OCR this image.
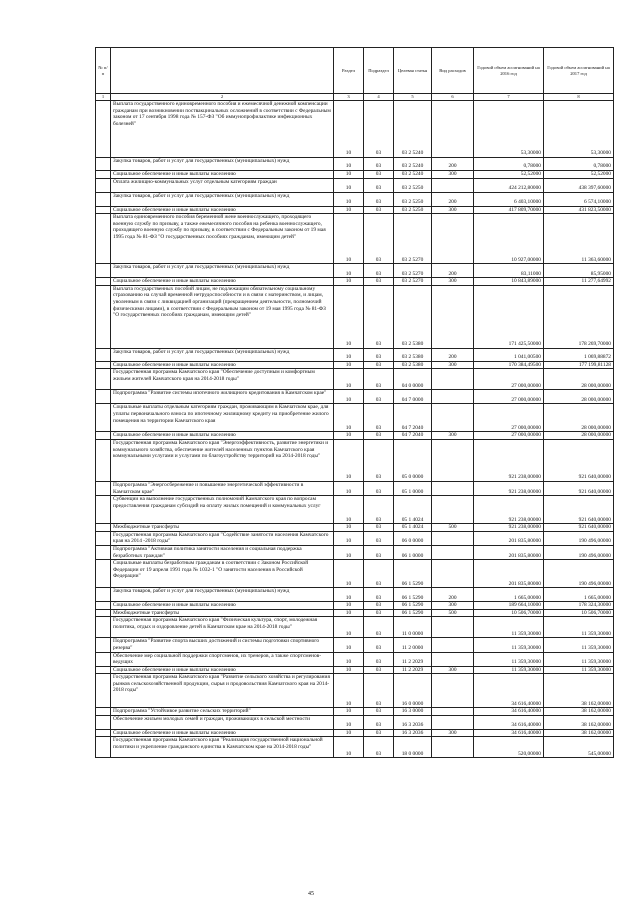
№ п/п		Раздел	Подраздел	Целевая статья	Вид расходов	Годовой объем ассигнований на 2016 год	Годовой объем ассигнований на 2017 год
1	2	3	4	5	6	7	8
	Выплата государственного единовременного пособия и ежемесячной денежной компенсации гражданам при возникновении поствакцинальных осложнений в соответствии с Федеральным законом от 17 сентября 1998 года № 157-ФЗ "Об иммунопрофилактике инфекционных болезней"	10	03	03 2 5240		53,30000	53,30000
	Закупка товаров, работ и услуг для государственных (муниципальных) нужд	10	03	03 2 5240	200	0,78000	0,78000
	Социальное обеспечение и иные выплаты населению	10	03	03 2 5240	300	52,52000	52,52000
	Оплата жилищно-коммунальных услуг отдельным категориям граждан	10	03	03 2 5250		424 212,80000	438 397,60000
	Закупка товаров, работ и услуг для государственных (муниципальных) нужд	10	03	03 2 5250	200	6 403,10000	6 574,10000
	Социальное обеспечение и иные выплаты населению	10	03	03 2 5250	300	417 809,70000	431 823,50000
	Выплата единовременного пособия беременной жене военнослужащего, проходящего военную службу по призыву, а также ежемесячного пособия на ребенка военнослужащего, проходящего военную службу по призыву, в соответствии с Федеральным законом от 19 мая 1995 года № 81-ФЗ "О государственных пособиях гражданам, имеющим детей"	10	03	03 2 5270		10 927,00000	11 363,60000
	Закупка товаров, работ и услуг для государственных (муниципальных) нужд	10	03	03 2 5270	200	83,11000	85,95000
	Социальное обеспечение и иные выплаты населению	10	03	03 2 5270	300	10 843,89000	11 277,64992
	Выплата государственных пособий лицам, не подлежащим обязательному социальному страхованию на случай временной нетрудоспособности и в связи с материнством, и лицам, уволенным в связи с ликвидацией организаций (прекращением деятельности, полномочий физическими лицами), в соответствии с Федеральным законом от 19 мая 1995 года № 81-ФЗ "О государственных пособиях гражданам, имеющим детей"	10	03	03 2 5380		171 425,50000	178 269,70000
	Закупка товаров, работ и услуг для государственных (муниципальных) нужд	10	03	03 2 5380	200	1 041,00500	1 069,88872
	Социальное обеспечение и иные выплаты населению	10	03	03 2 5380	300	170 384,49500	177 199,81128
	Государственная программа Камчатского края "Обеспечение доступным и комфортным жильем жителей Камчатского края на 2014-2018 годы"	10	03	04 0 0000		27 000,00000	28 000,00000
	Подпрограмма "Развитие системы ипотечного жилищного кредитования в Камчатском крае"	10	03	04 7 0000		27 000,00000	28 000,00000
	Социальные выплаты отдельным категориям граждан, проживающим в Камчатском крае, для уплаты первоначального взноса по ипотечному жилищному кредиту на приобретение жилого помещения на территории Камчатского края	10	03	04 7 2040		27 000,00000	28 000,00000
	Социальное обеспечение и иные выплаты населению	10	03	04 7 2040	300	27 000,00000	28 000,00000
	Государственная программа Камчатского края "Энергоэффективность, развитие энергетики и коммунального хозяйства, обеспечение жителей населенных пунктов Камчатского края коммунальными услугами и услугами по благоустройству территорий на 2014-2018 годы"	10	03	05 0 0000		921 238,00000	921 640,00000
	Подпрограмма "Энергосбережение и повышение энергетической эффективности в Камчатском крае"	10	03	05 1 0000		921 238,00000	921 640,00000
	Субвенции на выполнение государственных полномочий Камчатского края по вопросам предоставления гражданам субсидий на оплату жилых помещений и коммунальных услуг	10	03	05 1 4024		921 238,00000	921 640,00000
	Межбюджетные трансферты	10	03	05 1 4024	500	921 238,00000	921 640,00000
	Государственная программа Камчатского края "Содействие занятости населения Камчатского края на 2014 -2018 годы"	10	03	06 0 0000		201 835,80000	190 496,00000
	Подпрограмма "Активная политика занятости населения и социальная поддержка безработных граждан"	10	03	06 1 0000		201 835,80000	190 496,00000
	Социальные выплаты безработным гражданам в соответствии с Законом Российской Федерации от 19 апреля 1991 года № 1032-1 "О занятости населения в Российской Федерации"	10	03	06 1 5290		201 835,80000	190 496,00000
	Закупка товаров, работ и услуг для государственных (муниципальных) нужд	10	03	06 1 5290	200	1 665,00000	1 665,00000
	Социальное обеспечение и иные выплаты населению	10	03	06 1 5290	300	189 664,10000	178 324,30000
	Межбюджетные трансферты	10	03	06 1 5290	500	10 506,70000	10 506,70000
	Государственная программа Камчатского края "Физическая культура, спорт, молодежная политика, отдых и оздоровление детей в Камчатском крае на 2014-2018 годы"	10	03	11 0 0000		11 359,30000	11 359,30000
	Подпрограмма "Развитие спорта высших достижений и системы подготовки спортивного резерва"	10	03	11 2 0000		11 359,30000	11 359,30000
	Обеспечение мер социальной поддержки спортсменов, их тренеров, а также спортсменов-ведущих	10	03	11 2 2029		11 359,30000	11 359,30000
	Социальное обеспечение и иные выплаты населению	10	03	11 2 2029	300	11 359,30000	11 359,30000
	Государственная программа Камчатского края "Развитие сельского хозяйства и регулирования рынков сельскохозяйственной продукции, сырья и продовольствия Камчатского края на 2014-2018 годы"	10	03	16 0 0000		34 616,40000	38 162,00000
	Подпрограмма "Устойчивое развитие сельских территорий"	10	03	16 3 0000		34 616,40000	38 162,00000
	Обеспечение жильем молодых семей и граждан, проживающих в сельской местности	10	03	16 3 2036		34 616,40000	38 162,00000
	Социальное обеспечение и иные выплаты населению	10	03	16 3 2036	300	34 616,40000	38 162,00000
	Государственная программа Камчатского края "Реализация государственной национальной политики и укрепление гражданского единства в Камчатском крае на 2014-2018 годы"	10	03	18 0 0000		520,00000	545,00000
45
